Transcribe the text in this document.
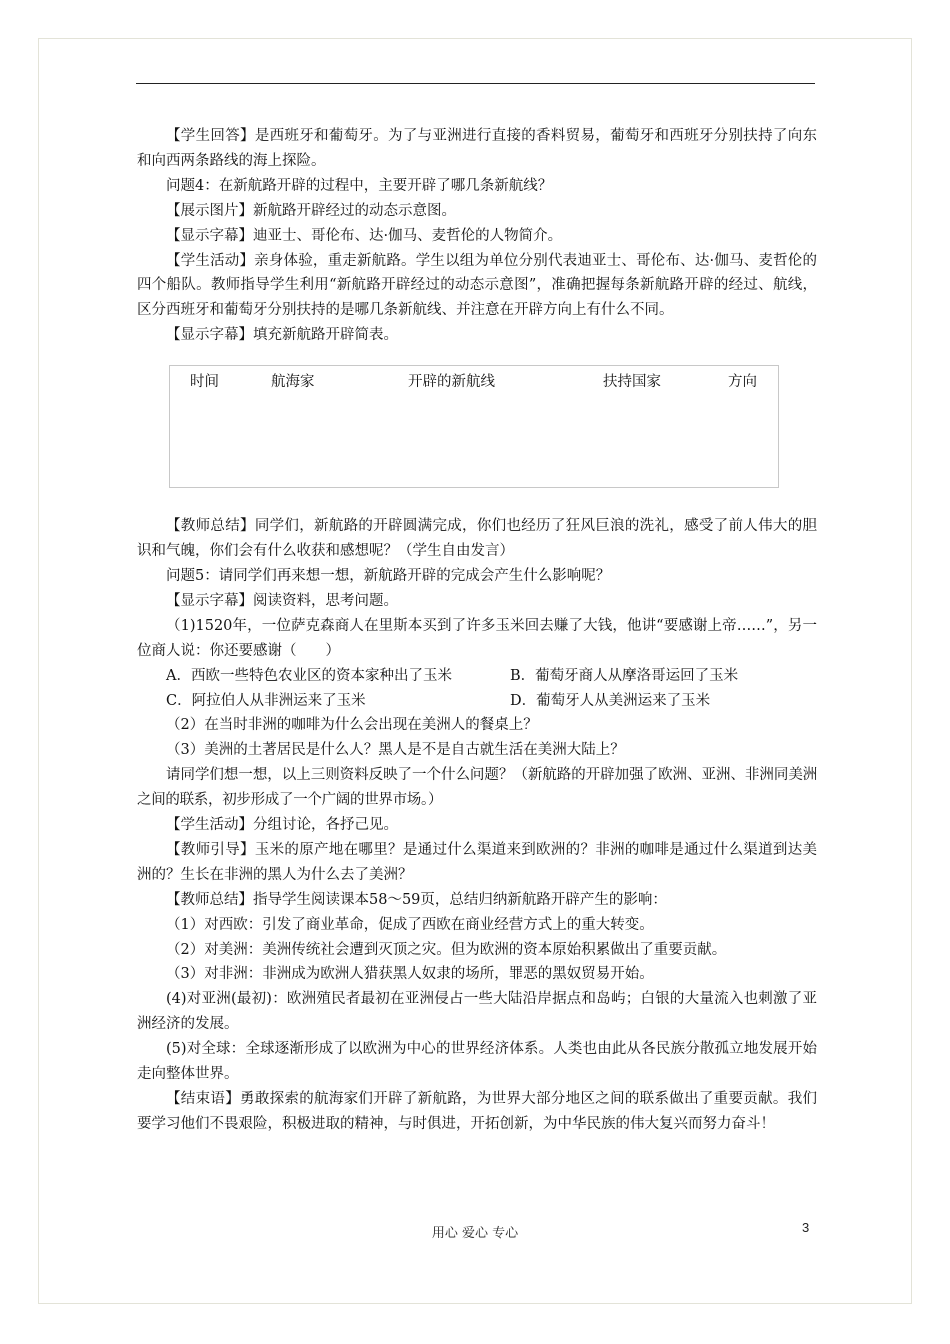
【学生回答】是西班牙和葡萄牙。为了与亚洲进行直接的香料贸易，葡萄牙和西班牙分别扶持了向东和向西两条路线的海上探险。

问题4：在新航路开辟的过程中，主要开辟了哪几条新航线？

【展示图片】新航路开辟经过的动态示意图。

【显示字幕】迪亚士、哥伦布、达·伽马、麦哲伦的人物简介。

【学生活动】亲身体验，重走新航路。学生以组为单位分别代表迪亚士、哥伦布、达·伽马、麦哲伦的四个船队。教师指导学生利用“新航路开辟经过的动态示意图”，准确把握每条新航路开辟的经过、航线，区分西班牙和葡萄牙分别扶持的是哪几条新航线、并注意在开辟方向上有什么不同。

【显示字幕】填充新航路开辟简表。

时间	航海家	开辟的新航线	扶持国家	方向

【教师总结】同学们，新航路的开辟圆满完成，你们也经历了狂风巨浪的洗礼，感受了前人伟大的胆识和气魄，你们会有什么收获和感想呢？（学生自由发言）

问题5：请同学们再来想一想，新航路开辟的完成会产生什么影响呢？

【显示字幕】阅读资料，思考问题。

（1)1520年，一位萨克森商人在里斯本买到了许多玉米回去赚了大钱，他讲“要感谢上帝……”，另一位商人说：你还要感谢（　　）

A．西欧一些特色农业区的资本家种出了玉米	B．葡萄牙商人从摩洛哥运回了玉米
C．阿拉伯人从非洲运来了玉米	D．葡萄牙人从美洲运来了玉米

（2）在当时非洲的咖啡为什么会出现在美洲人的餐桌上？

（3）美洲的土著居民是什么人？黑人是不是自古就生活在美洲大陆上？

请同学们想一想，以上三则资料反映了一个什么问题？（新航路的开辟加强了欧洲、亚洲、非洲同美洲之间的联系，初步形成了一个广阔的世界市场。）

【学生活动】分组讨论，各抒己见。

【教师引导】玉米的原产地在哪里？是通过什么渠道来到欧洲的？非洲的咖啡是通过什么渠道到达美洲的？生长在非洲的黑人为什么去了美洲？

【教师总结】指导学生阅读课本58～59页，总结归纳新航路开辟产生的影响：

（1）对西欧：引发了商业革命，促成了西欧在商业经营方式上的重大转变。

（2）对美洲：美洲传统社会遭到灭顶之灾。但为欧洲的资本原始积累做出了重要贡献。

（3）对非洲：非洲成为欧洲人猎获黑人奴隶的场所，罪恶的黑奴贸易开始。

(4)对亚洲(最初)：欧洲殖民者最初在亚洲侵占一些大陆沿岸据点和岛屿；白银的大量流入也刺激了亚洲经济的发展。

(5)对全球：全球逐渐形成了以欧洲为中心的世界经济体系。人类也由此从各民族分散孤立地发展开始走向整体世界。

【结束语】勇敢探索的航海家们开辟了新航路，为世界大部分地区之间的联系做出了重要贡献。我们要学习他们不畏艰险，积极进取的精神，与时俱进，开拓创新，为中华民族的伟大复兴而努力奋斗！

用心 爱心 专心	3
